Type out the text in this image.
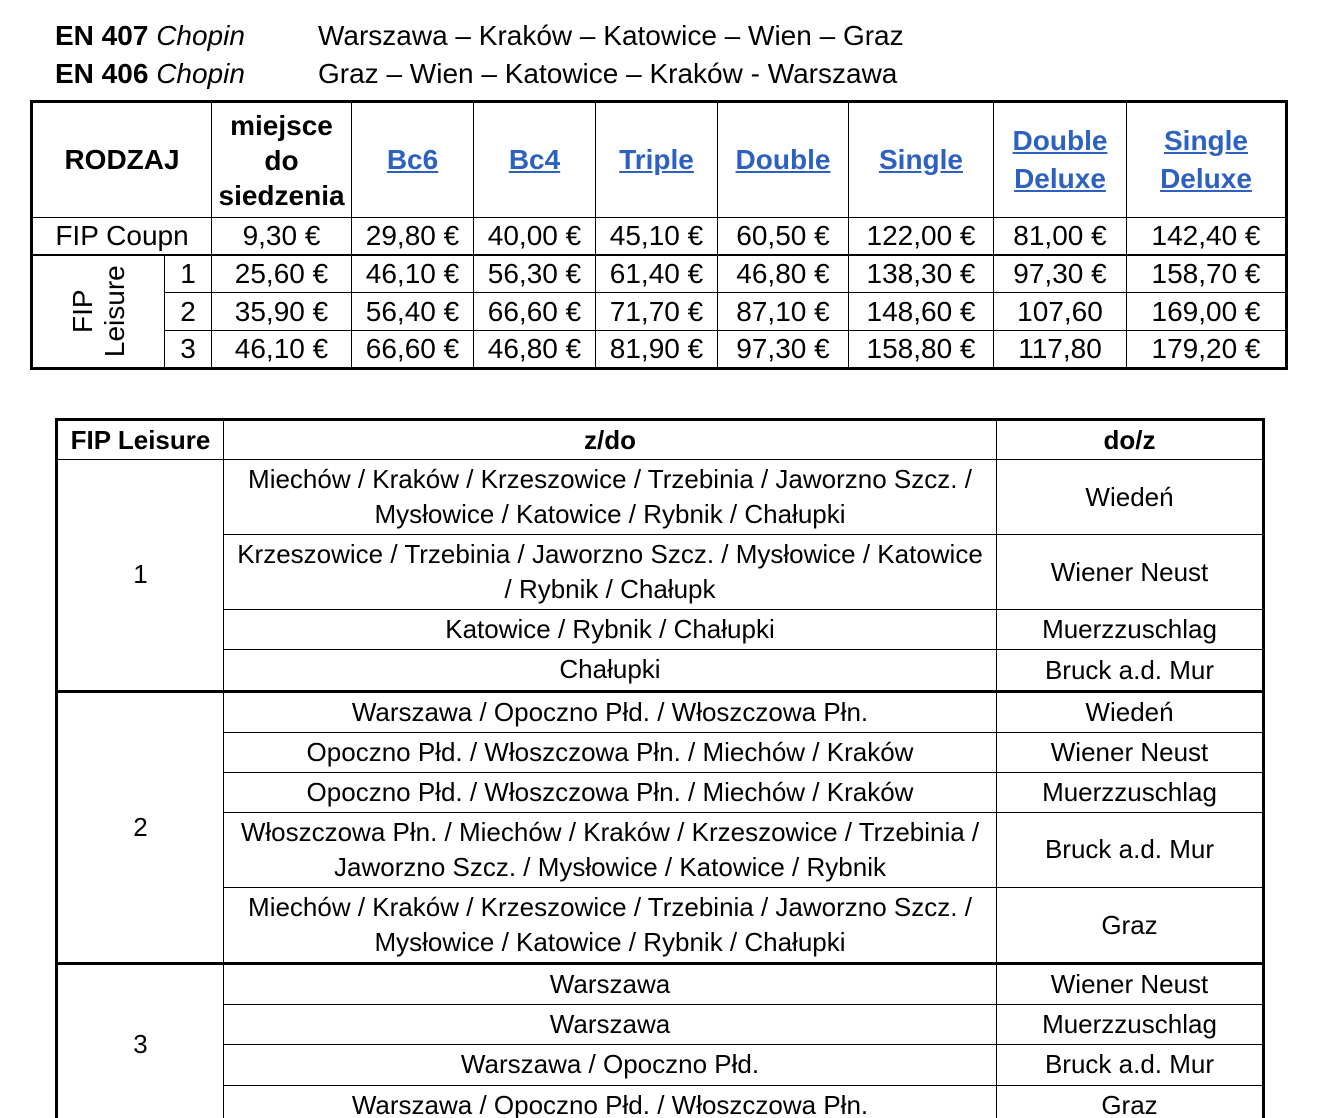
EN 407 Chopin	Warszawa – Kraków – Katowice – Wien – Graz
EN 406 Chopin	Graz – Wien – Katowice – Kraków - Warszawa
RODZAJ		miejsce do siedzenia	Bc6	Bc4	Triple	Double	Single	Double Deluxe	Single Deluxe
FIP Coupn		9,30 €	29,80 €	40,00 €	45,10 €	60,50 €	122,00 €	81,00 €	142,40 €
FIP Leisure	1	25,60 €	46,10 €	56,30 €	61,40 €	46,80 €	138,30 €	97,30 €	158,70 €
	2	35,90 €	56,40 €	66,60 €	71,70 €	87,10 €	148,60 €	107,60	169,00 €
	3	46,10 €	66,60 €	46,80 €	81,90 €	97,30 €	158,80 €	117,80	179,20 €
FIP Leisure	z/do	do/z
1	Miechów / Kraków / Krzeszowice / Trzebinia / Jaworzno Szcz. / Mysłowice / Katowice / Rybnik / Chałupki	Wiedeń
	Krzeszowice / Trzebinia / Jaworzno Szcz. / Mysłowice / Katowice / Rybnik / Chałupk	Wiener Neust
	Katowice / Rybnik / Chałupki	Muerzzuschlag
	Chałupki	Bruck a.d. Mur
2	Warszawa / Opoczno Płd. / Włoszczowa Płn.	Wiedeń
	Opoczno Płd. / Włoszczowa Płn. / Miechów / Kraków	Wiener Neust
	Opoczno Płd. / Włoszczowa Płn. / Miechów / Kraków	Muerzzuschlag
	Włoszczowa Płn. / Miechów / Kraków / Krzeszowice / Trzebinia / Jaworzno Szcz. / Mysłowice / Katowice / Rybnik	Bruck a.d. Mur
	Miechów / Kraków / Krzeszowice / Trzebinia / Jaworzno Szcz. / Mysłowice / Katowice / Rybnik / Chałupki	Graz
3	Warszawa	Wiener Neust
	Warszawa	Muerzzuschlag
	Warszawa / Opoczno Płd.	Bruck a.d. Mur
	Warszawa / Opoczno Płd. / Włoszczowa Płn.	Graz
